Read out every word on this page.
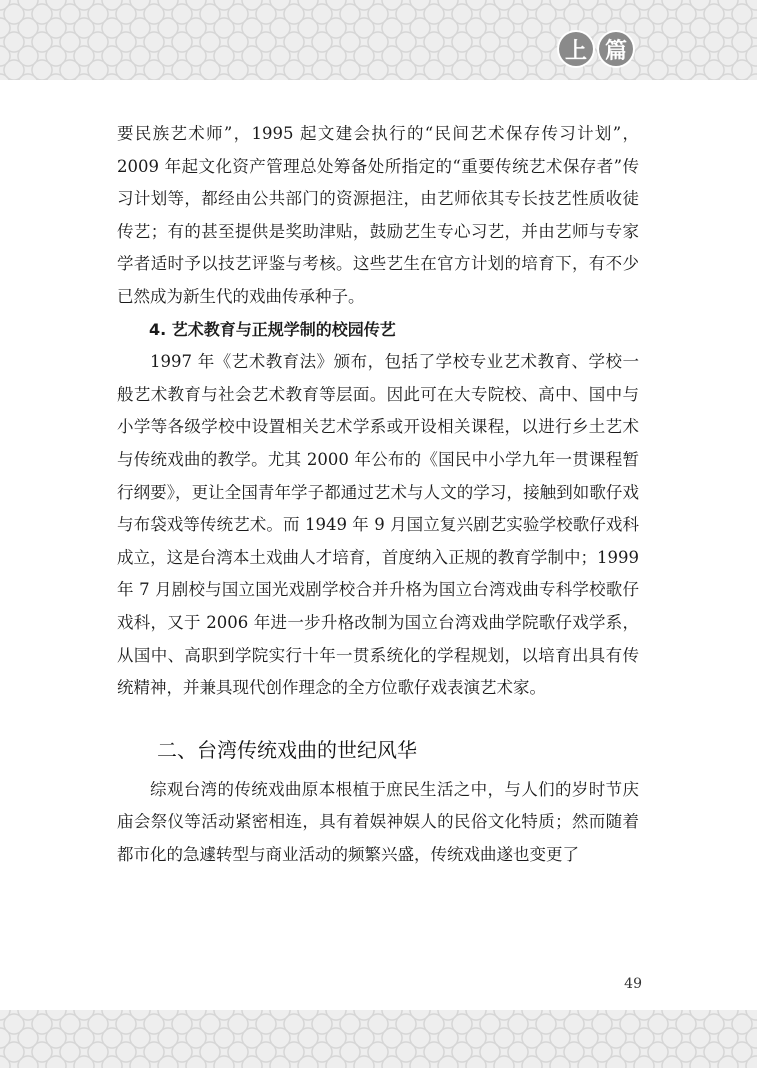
上 篇

要民族艺术师”，1995 起文建会执行的“民间艺术保存传习计划”，2009 年起文化资产管理总处筹备处所指定的“重要传统艺术保存者”传习计划等，都经由公共部门的资源挹注，由艺师依其专长技艺性质收徒传艺；有的甚至提供是奖助津贴，鼓励艺生专心习艺，并由艺师与专家学者适时予以技艺评鉴与考核。这些艺生在官方计划的培育下，有不少已然成为新生代的戏曲传承种子。

4. 艺术教育与正规学制的校园传艺

1997 年《艺术教育法》颁布，包括了学校专业艺术教育、学校一般艺术教育与社会艺术教育等层面。因此可在大专院校、高中、国中与小学等各级学校中设置相关艺术学系或开设相关课程，以进行乡土艺术与传统戏曲的教学。尤其 2000 年公布的《国民中小学九年一贯课程暂行纲要》，更让全国青年学子都通过艺术与人文的学习，接触到如歌仔戏与布袋戏等传统艺术。而 1949 年 9 月国立复兴剧艺实验学校歌仔戏科成立，这是台湾本土戏曲人才培育，首度纳入正规的教育学制中；1999 年 7 月剧校与国立国光戏剧学校合并升格为国立台湾戏曲专科学校歌仔戏科，又于 2006 年进一步升格改制为国立台湾戏曲学院歌仔戏学系，从国中、高职到学院实行十年一贯系统化的学程规划，以培育出具有传统精神，并兼具现代创作理念的全方位歌仔戏表演艺术家。

二、台湾传统戏曲的世纪风华

综观台湾的传统戏曲原本根植于庶民生活之中，与人们的岁时节庆庙会祭仪等活动紧密相连，具有着娱神娱人的民俗文化特质；然而随着都市化的急遽转型与商业活动的频繁兴盛，传统戏曲遂也变更了

49
